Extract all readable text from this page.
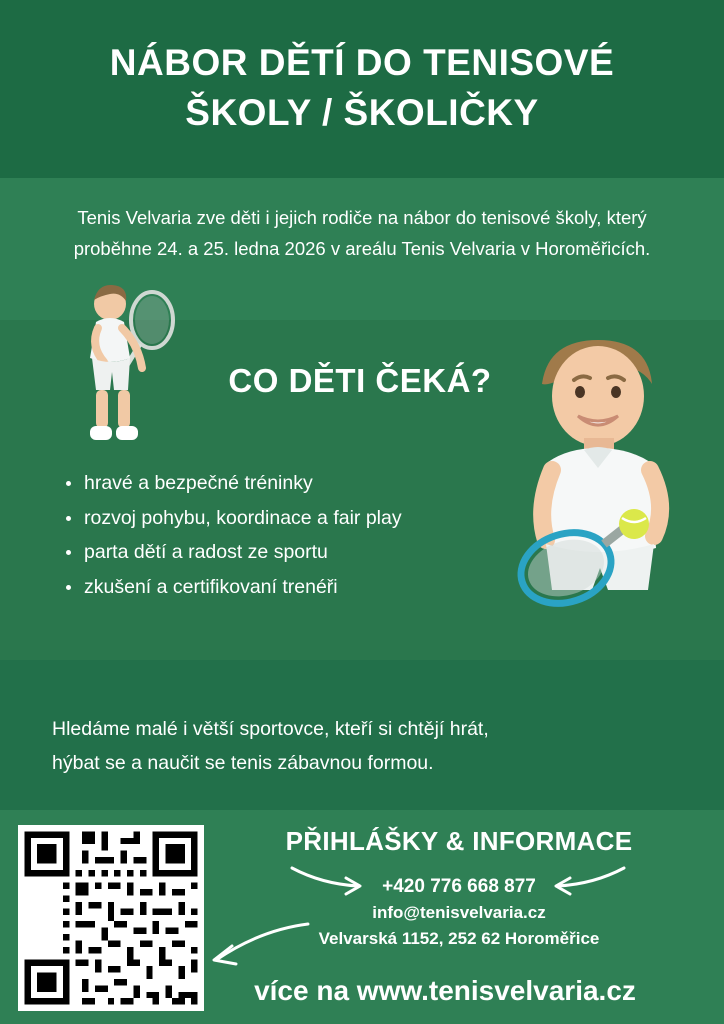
NÁBOR DĚTÍ DO TENISOVÉ
ŠKOLY / ŠKOLIČKY
Tenis Velvaria zve děti i jejich rodiče na nábor do tenisové školy, který proběhne 24. a 25. ledna 2026 v areálu Tenis Velvaria v Horoměřicích.
CO DĚTI ČEKÁ?
hravé a bezpečné tréninky
rozvoj pohybu, koordinace a fair play
parta dětí a radost ze sportu
zkušení a certifikovaní trenéři
Hledáme malé i větší sportovce, kteří si chtějí hrát,
hýbat se a naučit se tenis zábavnou formou.
PŘIHLÁŠKY & INFORMACE
+420 776 668 877
info@tenisvelvaria.cz
Velvarská 1152, 252 62 Horoměřice
více na www.tenisvelvaria.cz
